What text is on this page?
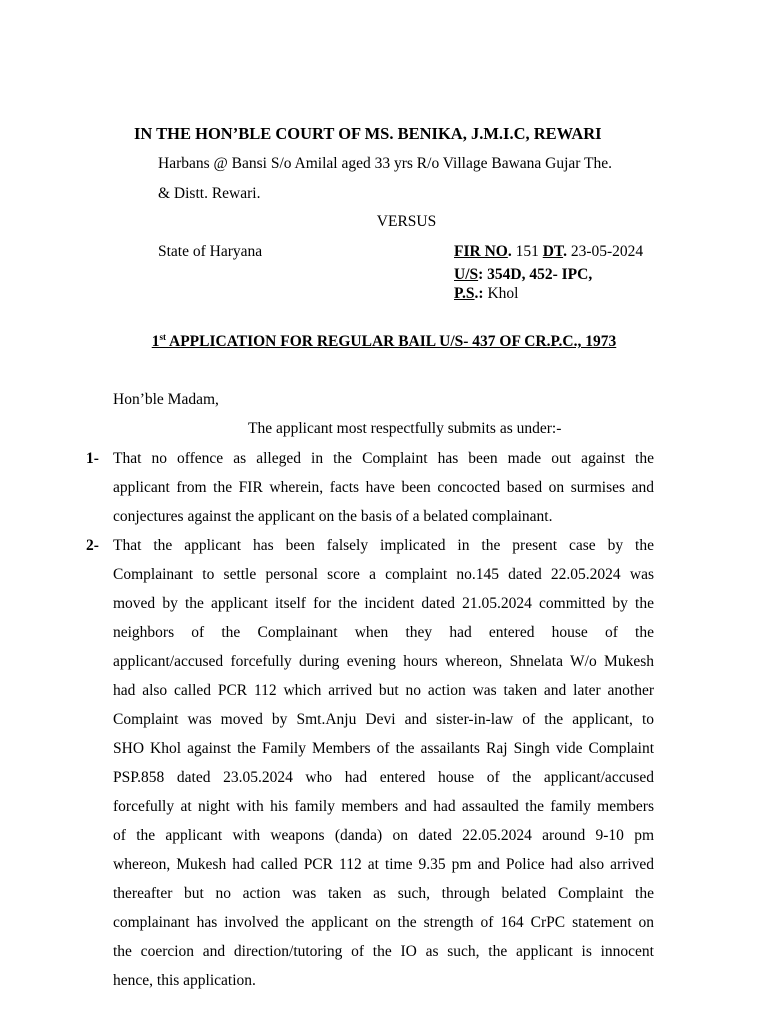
IN THE HON’BLE COURT OF MS. BENIKA, J.M.I.C, REWARI
Harbans @ Bansi S/o Amilal aged 33 yrs R/o Village Bawana Gujar The.
& Distt. Rewari.
VERSUS
State of Haryana	FIR NO. 151 DT. 23-05-2024
U/S: 354D, 452- IPC,
P.S.: Khol
1st APPLICATION FOR REGULAR BAIL U/S- 437 OF CR.P.C., 1973
Hon’ble Madam,
The applicant most respectfully submits as under:-
1- That no offence as alleged in the Complaint has been made out against the
applicant from the FIR wherein, facts have been concocted based on surmises and
conjectures against the applicant on the basis of a belated complainant.
2- That the applicant has been falsely implicated in the present case by the
Complainant to settle personal score a complaint no.145 dated 22.05.2024 was
moved by the applicant itself for the incident dated 21.05.2024 committed by the
neighbors of the Complainant when they had entered house of the
applicant/accused forcefully during evening hours whereon, Shnelata W/o Mukesh
had also called PCR 112 which arrived but no action was taken and later another
Complaint was moved by Smt.Anju Devi and sister-in-law of the applicant, to
SHO Khol against the Family Members of the assailants Raj Singh vide Complaint
PSP.858 dated 23.05.2024 who had entered house of the applicant/accused
forcefully at night with his family members and had assaulted the family members
of the applicant with weapons (danda) on dated 22.05.2024 around 9-10 pm
whereon, Mukesh had called PCR 112 at time 9.35 pm and Police had also arrived
thereafter but no action was taken as such, through belated Complaint the
complainant has involved the applicant on the strength of 164 CrPC statement on
the coercion and direction/tutoring of the IO as such, the applicant is innocent
hence, this application.
